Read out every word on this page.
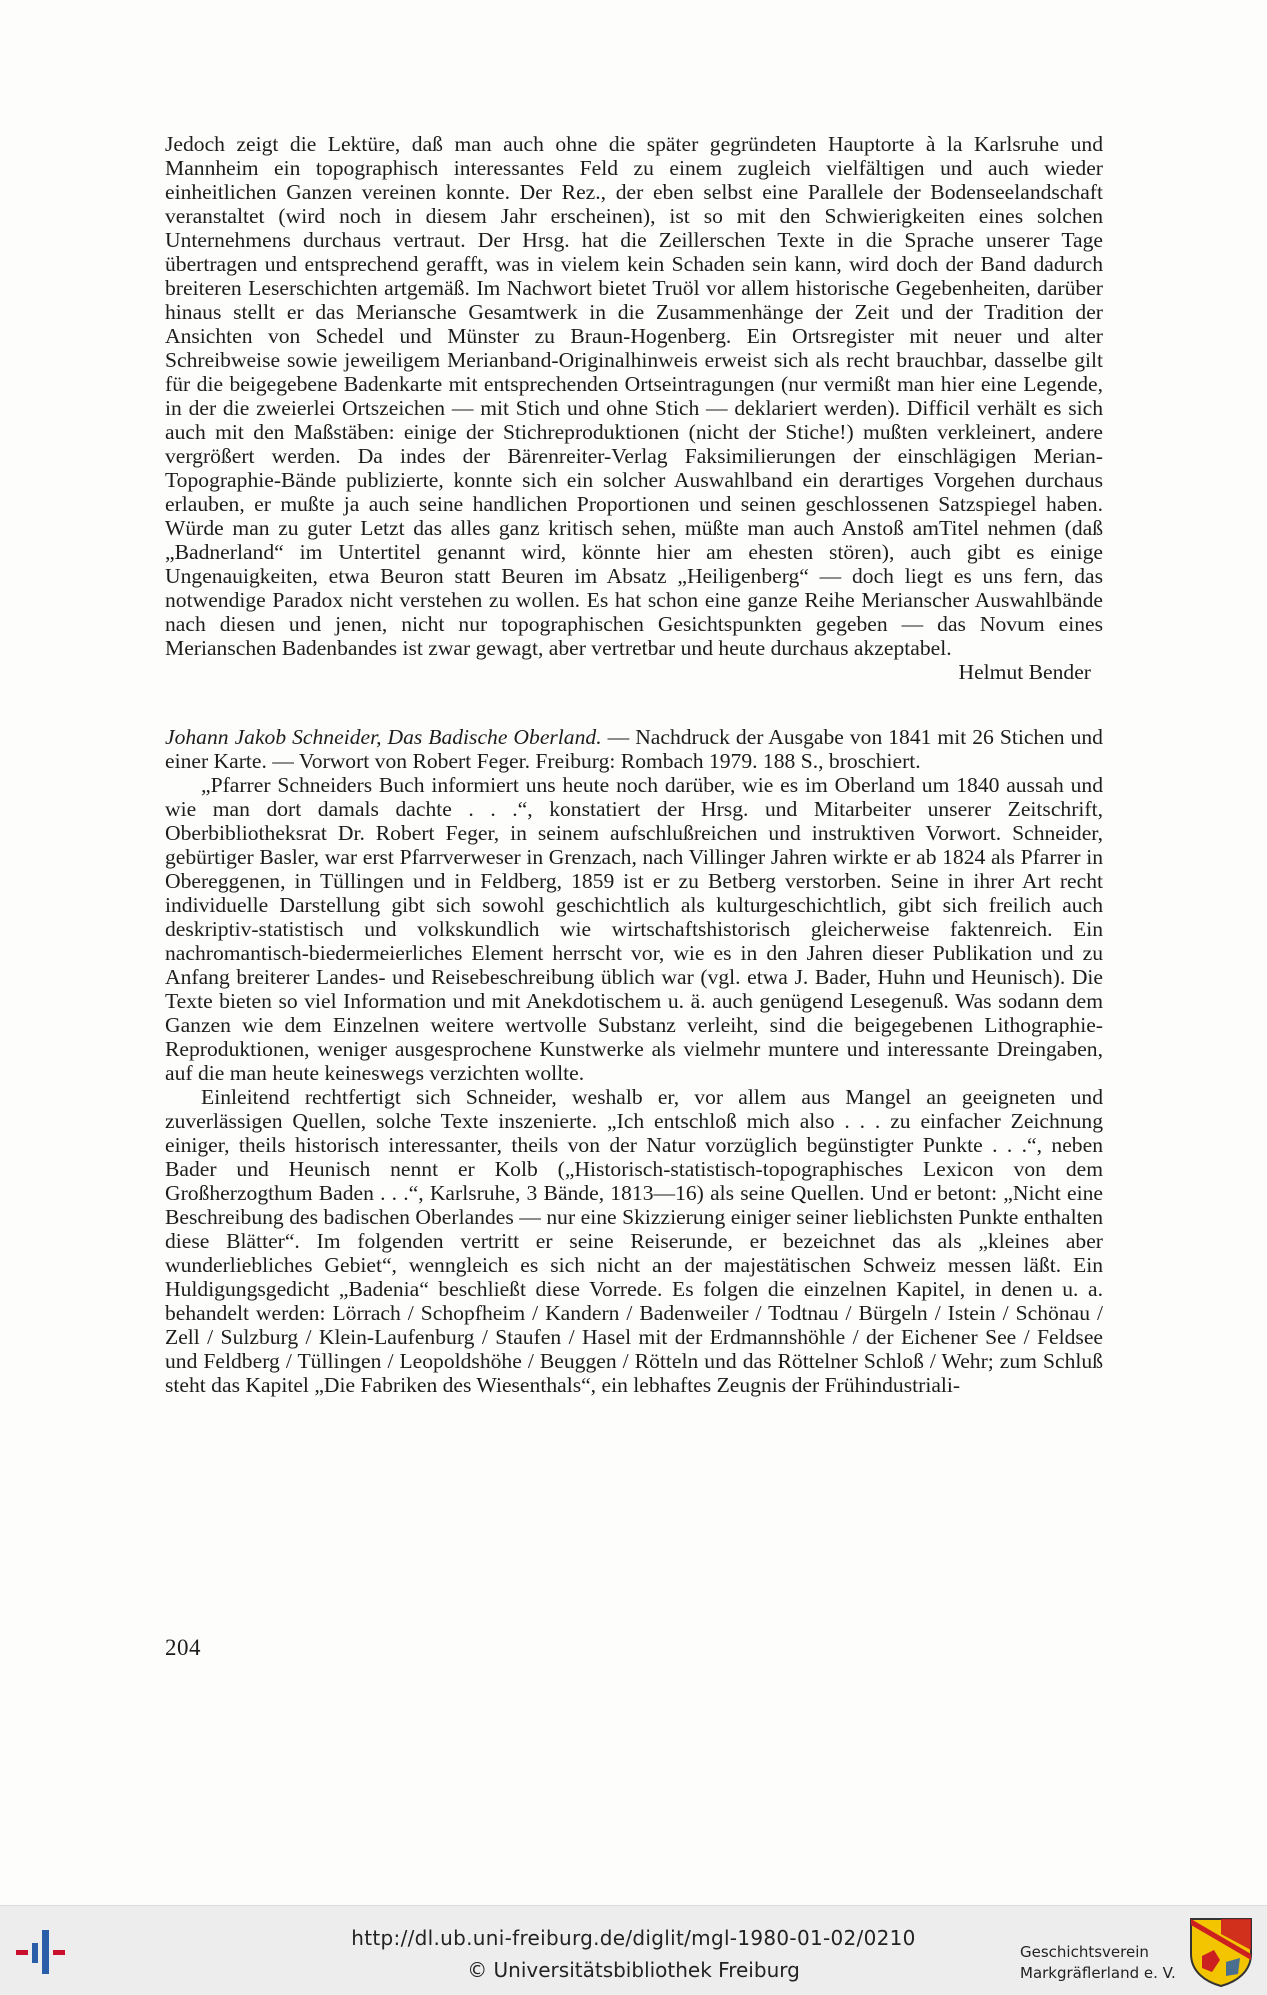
Jedoch zeigt die Lektüre, daß man auch ohne die später gegründeten Hauptorte à la Karlsruhe und Mannheim ein topographisch interessantes Feld zu einem zugleich vielfältigen und auch wieder einheitlichen Ganzen vereinen konnte. Der Rez., der eben selbst eine Parallele der Bodenseelandschaft veranstaltet (wird noch in diesem Jahr erscheinen), ist so mit den Schwierigkeiten eines solchen Unternehmens durchaus vertraut. Der Hrsg. hat die Zeillerschen Texte in die Sprache unserer Tage übertragen und entsprechend gerafft, was in vielem kein Schaden sein kann, wird doch der Band dadurch breiteren Leserschichten artgemäß. Im Nachwort bietet Truöl vor allem historische Gegebenheiten, darüber hinaus stellt er das Meriansche Gesamtwerk in die Zusammenhänge der Zeit und der Tradition der Ansichten von Schedel und Münster zu Braun-Hogenberg. Ein Ortsregister mit neuer und alter Schreibweise sowie jeweiligem Merianband-Originalhinweis erweist sich als recht brauchbar, dasselbe gilt für die beigegebene Badenkarte mit entsprechenden Ortseintragungen (nur vermißt man hier eine Legende, in der die zweierlei Ortszeichen — mit Stich und ohne Stich — deklariert werden). Difficil verhält es sich auch mit den Maßstäben: einige der Stichreproduktionen (nicht der Stiche!) mußten verkleinert, andere vergrößert werden. Da indes der Bärenreiter-Verlag Faksimilierungen der einschlägigen Merian-Topographie-Bände publizierte, konnte sich ein solcher Auswahlband ein derartiges Vorgehen durchaus erlauben, er mußte ja auch seine handlichen Proportionen und seinen geschlossenen Satzspiegel haben. Würde man zu guter Letzt das alles ganz kritisch sehen, müßte man auch Anstoß amTitel nehmen (daß „Badnerland“ im Untertitel genannt wird, könnte hier am ehesten stören), auch gibt es einige Ungenauigkeiten, etwa Beuron statt Beuren im Absatz „Heiligenberg“ — doch liegt es uns fern, das notwendige Paradox nicht verstehen zu wollen. Es hat schon eine ganze Reihe Merianscher Auswahlbände nach diesen und jenen, nicht nur topographischen Gesichtspunkten gegeben — das Novum eines Merianschen Badenbandes ist zwar gewagt, aber vertretbar und heute durchaus akzeptabel.

Helmut Bender

Johann Jakob Schneider, Das Badische Oberland. — Nachdruck der Ausgabe von 1841 mit 26 Stichen und einer Karte. — Vorwort von Robert Feger. Freiburg: Rombach 1979. 188 S., broschiert.

„Pfarrer Schneiders Buch informiert uns heute noch darüber, wie es im Oberland um 1840 aussah und wie man dort damals dachte . . .“, konstatiert der Hrsg. und Mitarbeiter unserer Zeitschrift, Oberbibliotheksrat Dr. Robert Feger, in seinem aufschlußreichen und instruktiven Vorwort. Schneider, gebürtiger Basler, war erst Pfarrverweser in Grenzach, nach Villinger Jahren wirkte er ab 1824 als Pfarrer in Obereggenen, in Tüllingen und in Feldberg, 1859 ist er zu Betberg verstorben. Seine in ihrer Art recht individuelle Darstellung gibt sich sowohl geschichtlich als kulturgeschichtlich, gibt sich freilich auch deskriptiv-statistisch und volkskundlich wie wirtschaftshistorisch gleicherweise faktenreich. Ein nachromantisch-biedermeierliches Element herrscht vor, wie es in den Jahren dieser Publikation und zu Anfang breiterer Landes- und Reisebeschreibung üblich war (vgl. etwa J. Bader, Huhn und Heunisch). Die Texte bieten so viel Information und mit Anekdotischem u. ä. auch genügend Lesegenuß. Was sodann dem Ganzen wie dem Einzelnen weitere wertvolle Substanz verleiht, sind die beigegebenen Lithographie-Reproduktionen, weniger ausgesprochene Kunstwerke als vielmehr muntere und interessante Dreingaben, auf die man heute keineswegs verzichten wollte.

Einleitend rechtfertigt sich Schneider, weshalb er, vor allem aus Mangel an geeigneten und zuverlässigen Quellen, solche Texte inszenierte. „Ich entschloß mich also . . . zu einfacher Zeichnung einiger, theils historisch interessanter, theils von der Natur vorzüglich begünstigter Punkte . . .“, neben Bader und Heunisch nennt er Kolb („Historisch-statistisch-topographisches Lexicon von dem Großherzogthum Baden . . .“, Karlsruhe, 3 Bände, 1813—16) als seine Quellen. Und er betont: „Nicht eine Beschreibung des badischen Oberlandes — nur eine Skizzierung einiger seiner lieblichsten Punkte enthalten diese Blätter“. Im folgenden vertritt er seine Reiserunde, er bezeichnet das als „kleines aber wunderliebliches Gebiet“, wenngleich es sich nicht an der majestätischen Schweiz messen läßt. Ein Huldigungsgedicht „Badenia“ beschließt diese Vorrede. Es folgen die einzelnen Kapitel, in denen u. a. behandelt werden: Lörrach / Schopfheim / Kandern / Badenweiler / Todtnau / Bürgeln / Istein / Schönau / Zell / Sulzburg / Klein-Laufenburg / Staufen / Hasel mit der Erdmannshöhle / der Eichener See / Feldsee und Feldberg / Tüllingen / Leopoldshöhe / Beuggen / Rötteln und das Röttelner Schloß / Wehr; zum Schluß steht das Kapitel „Die Fabriken des Wiesenthals“, ein lebhaftes Zeugnis der Frühindustriali-

204
http://dl.ub.uni-freiburg.de/diglit/mgl-1980-01-02/0210
© Universitätsbibliothek Freiburg
Geschichtsverein
Markgräflerland e. V.
